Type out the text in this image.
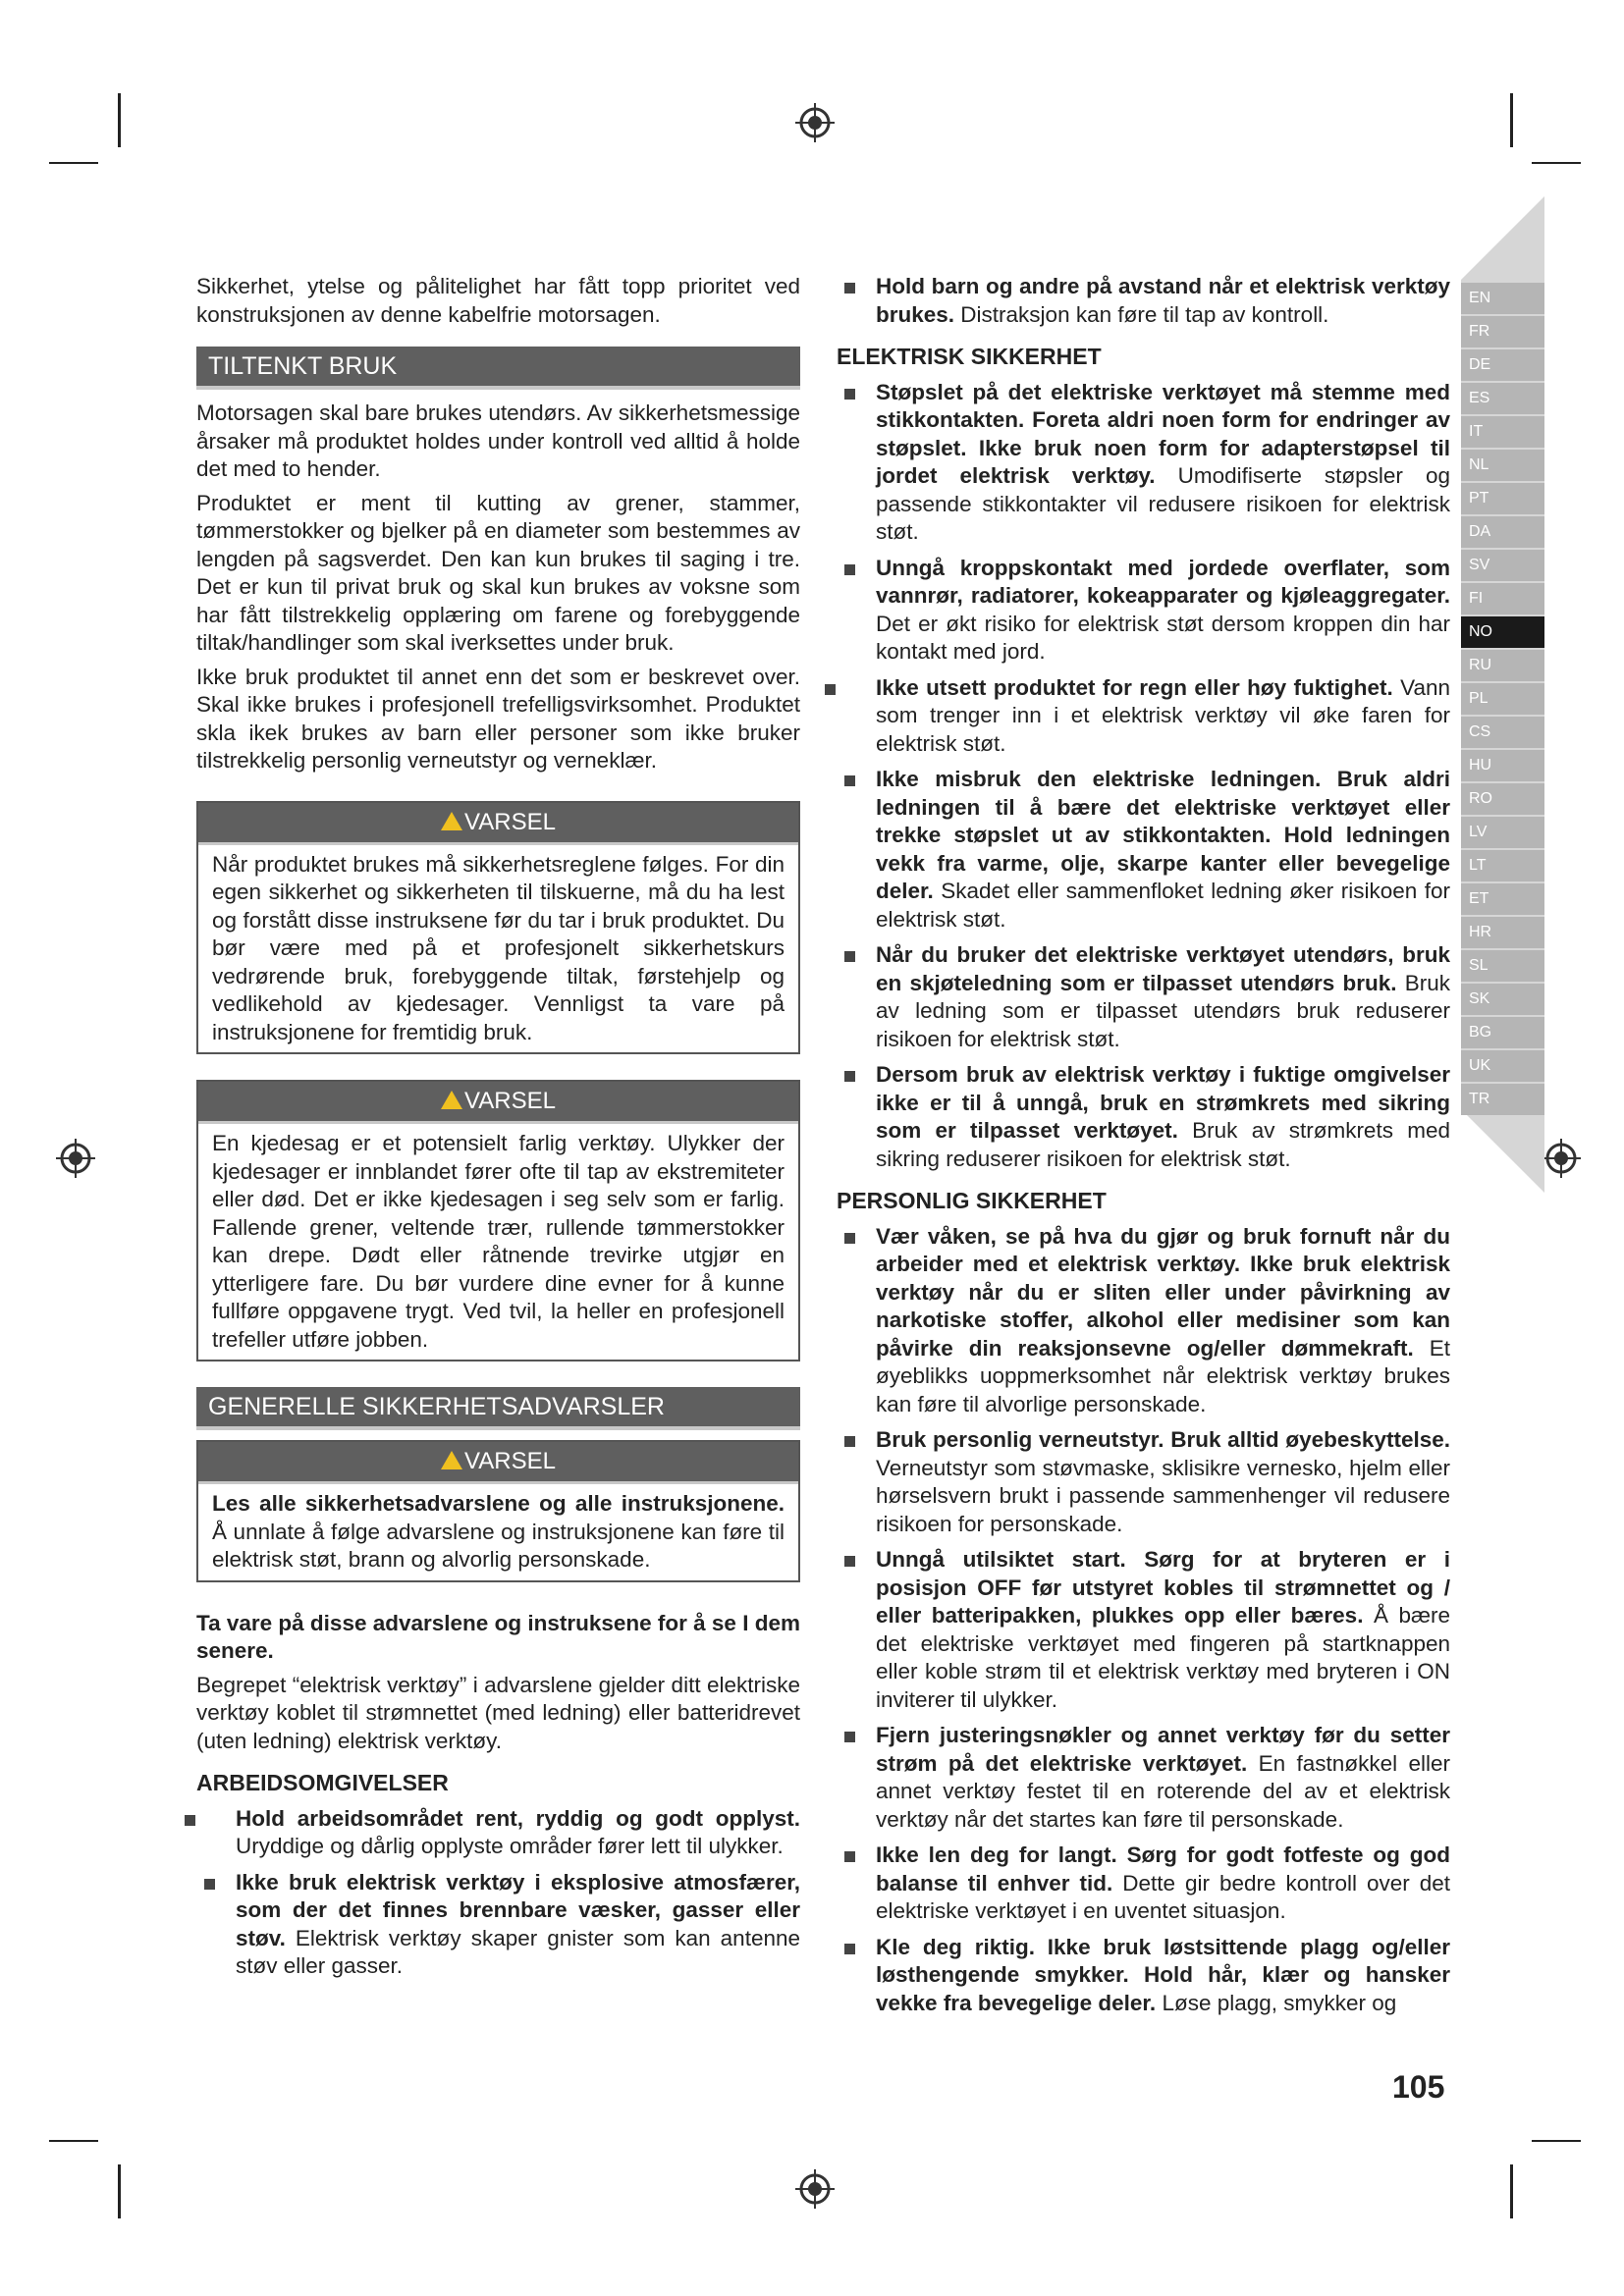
EN
FR
DE
ES
IT
NL
PT
DA
SV
FI
NO
RU
PL
CS
HU
RO
LV
LT
ET
HR
SL
SK
BG
UK
TR

Sikkerhet, ytelse og pålitelighet har fått topp prioritet ved konstruksjonen av denne kabelfrie motorsagen.

TILTENKT BRUK

Motorsagen skal bare brukes utendørs. Av sikkerhetsmessige årsaker må produktet holdes under kontroll ved alltid å holde det med to hender.

Produktet er ment til kutting av grener, stammer, tømmerstokker og bjelker på en diameter som bestemmes av lengden på sagsverdet. Den kan kun brukes til saging i tre. Det er kun til privat bruk og skal kun brukes av voksne som har fått tilstrekkelig opplæring om farene og forebyggende tiltak/handlinger som skal iverksettes under bruk.

Ikke bruk produktet til annet enn det som er beskrevet over. Skal ikke brukes i profesjonell trefelligsvirksomhet. Produktet skla ikek brukes av barn eller personer som ikke bruker tilstrekkelig personlig verneutstyr og verneklær.

VARSEL

Når produktet brukes må sikkerhetsreglene følges. For din egen sikkerhet og sikkerheten til tilskuerne, må du ha lest og forstått disse instruksene før du tar i bruk produktet. Du bør være med på et profesjonelt sikkerhetskurs vedrørende bruk, forebyggende tiltak, førstehjelp og vedlikehold av kjedesager. Vennligst ta vare på instruksjonene for fremtidig bruk.

VARSEL

En kjedesag er et potensielt farlig verktøy. Ulykker der kjedesager er innblandet fører ofte til tap av ekstremiteter eller død. Det er ikke kjedesagen i seg selv som er farlig. Fallende grener, veltende trær, rullende tømmerstokker kan drepe. Dødt eller råtnende trevirke utgjør en ytterligere fare. Du bør vurdere dine evner for å kunne fullføre oppgavene trygt. Ved tvil, la heller en profesjonell trefeller utføre jobben.

GENERELLE SIKKERHETSADVARSLER
VARSEL

Les alle sikkerhetsadvarslene og alle instruksjonene. Å unnlate å følge advarslene og instruksjonene kan føre til elektrisk støt, brann og alvorlig personskade.

Ta vare på disse advarslene og instruksene for å se I dem senere.

Begrepet “elektrisk verktøy” i advarslene gjelder ditt elektriske verktøy koblet til strømnettet (med ledning) eller batteridrevet (uten ledning) elektrisk verktøy.

ARBEIDSOMGIVELSER
Hold arbeidsområdet rent, ryddig og godt opplyst. Uryddige og dårlig opplyste områder fører lett til ulykker.
Ikke bruk elektrisk verktøy i eksplosive atmosfærer, som der det finnes brennbare væsker, gasser eller støv. Elektrisk verktøy skaper gnister som kan antenne støv eller gasser.
Hold barn og andre på avstand når et elektrisk verktøy brukes. Distraksjon kan føre til tap av kontroll.
ELEKTRISK SIKKERHET
Støpslet på det elektriske verktøyet må stemme med stikkontakten. Foreta aldri noen form for endringer av støpslet. Ikke bruk noen form for adapterstøpsel til jordet elektrisk verktøy. Umodifiserte støpsler og passende stikkontakter vil redusere risikoen for elektrisk støt.
Unngå kroppskontakt med jordede overflater, som vannrør, radiatorer, kokeapparater og kjøleaggregater. Det er økt risiko for elektrisk støt dersom kroppen din har kontakt med jord.
Ikke utsett produktet for regn eller høy fuktighet. Vann som trenger inn i et elektrisk verktøy vil øke faren for elektrisk støt.
Ikke misbruk den elektriske ledningen. Bruk aldri ledningen til å bære det elektriske verktøyet eller trekke støpslet ut av stikkontakten. Hold ledningen vekk fra varme, olje, skarpe kanter eller bevegelige deler. Skadet eller sammenfloket ledning øker risikoen for elektrisk støt.
Når du bruker det elektriske verktøyet utendørs, bruk en skjøteledning som er tilpasset utendørs bruk. Bruk av ledning som er tilpasset utendørs bruk reduserer risikoen for elektrisk støt.
Dersom bruk av elektrisk verktøy i fuktige omgivelser ikke er til å unngå, bruk en strømkrets med sikring som er tilpasset verktøyet. Bruk av strømkrets med sikring reduserer risikoen for elektrisk støt.
PERSONLIG SIKKERHET
Vær våken, se på hva du gjør og bruk fornuft når du arbeider med et elektrisk verktøy. Ikke bruk elektrisk verktøy når du er sliten eller under påvirkning av narkotiske stoffer, alkohol eller medisiner som kan påvirke din reaksjonsevne og/eller dømmekraft. Et øyeblikks uoppmerksomhet når elektrisk verktøy brukes kan føre til alvorlige personskade.
Bruk personlig verneutstyr. Bruk alltid øyebeskyttelse. Verneutstyr som støvmaske, sklisikre vernesko, hjelm eller hørselsvern brukt i passende sammenhenger vil redusere risikoen for personskade.
Unngå utilsiktet start. Sørg for at bryteren er i posisjon OFF før utstyret kobles til strømnettet og / eller batteripakken, plukkes opp eller bæres. Å bære det elektriske verktøyet med fingeren på startknappen eller koble strøm til et elektrisk verktøy med bryteren i ON inviterer til ulykker.
Fjern justeringsnøkler og annet verktøy før du setter strøm på det elektriske verktøyet. En fastnøkkel eller annet verktøy festet til en roterende del av et elektrisk verktøy når det startes kan føre til personskade.
Ikke len deg for langt. Sørg for godt fotfeste og god balanse til enhver tid. Dette gir bedre kontroll over det elektriske verktøyet i en uventet situasjon.
Kle deg riktig. Ikke bruk løstsittende plagg og/eller løsthengende smykker. Hold hår, klær og hansker vekke fra bevegelige deler. Løse plagg, smykker og
105
